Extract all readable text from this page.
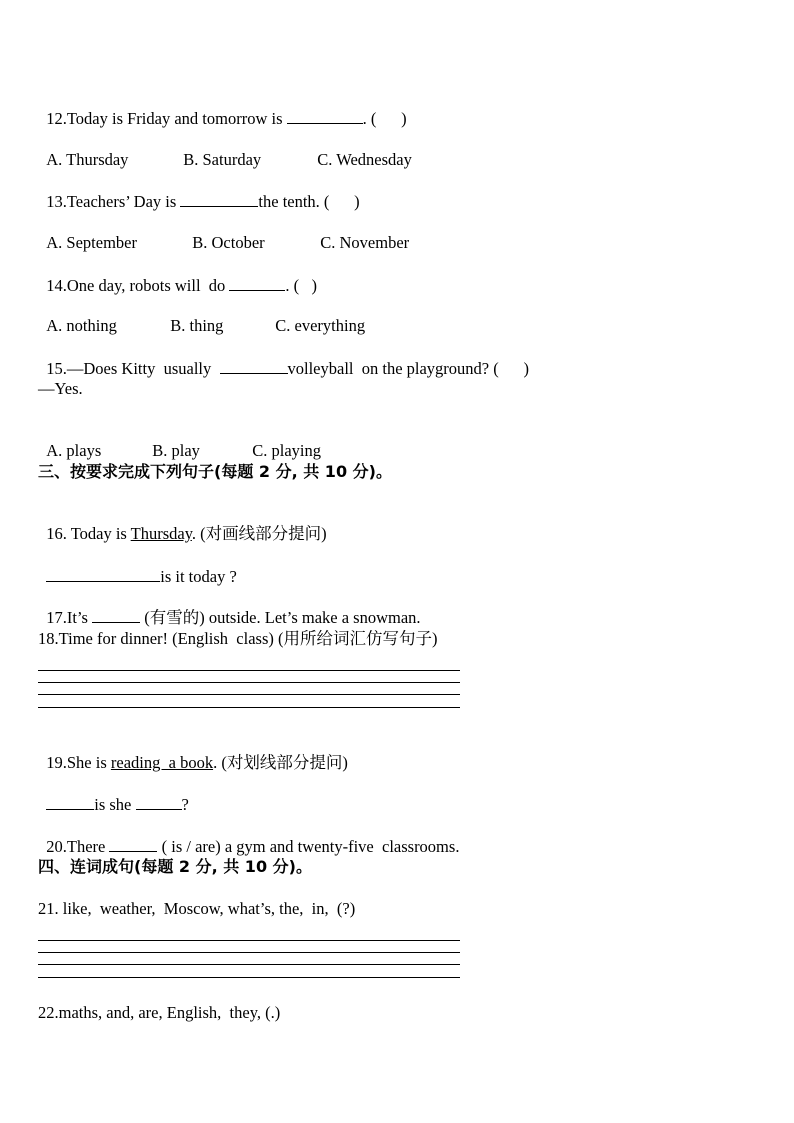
12.Today is Friday and tomorrow is	. (      )

A. Thursday	B. Saturday	C. Wednesday

13.Teachers’ Day is	the tenth. (      )

A. September	B. October	C. November

14.One day, robots will  do	. (   )

A. nothing	B. thing	C. everything

15.—Does Kitty  usually	volleyball  on the playground? (      )

—Yes.

A. plays	B. play	C. playing

三、按要求完成下列句子(每题 2 分, 共 10 分)。

16. Today is Thursday. (对画线部分提问)

is it today ?

17.It’s	(有雪的) outside. Let’s make a snowman.

18.Time for dinner! (English  class) (用所给词汇仿写句子)

19.She is reading  a book. (对划线部分提问)

is she	?

20.There	( is / are) a gym and twenty-five  classrooms.

四、连词成句(每题 2 分, 共 10 分)。
21. like,  weather,  Moscow, what’s, the,  in,  (?)
22.maths, and, are, English,  they, (.)
